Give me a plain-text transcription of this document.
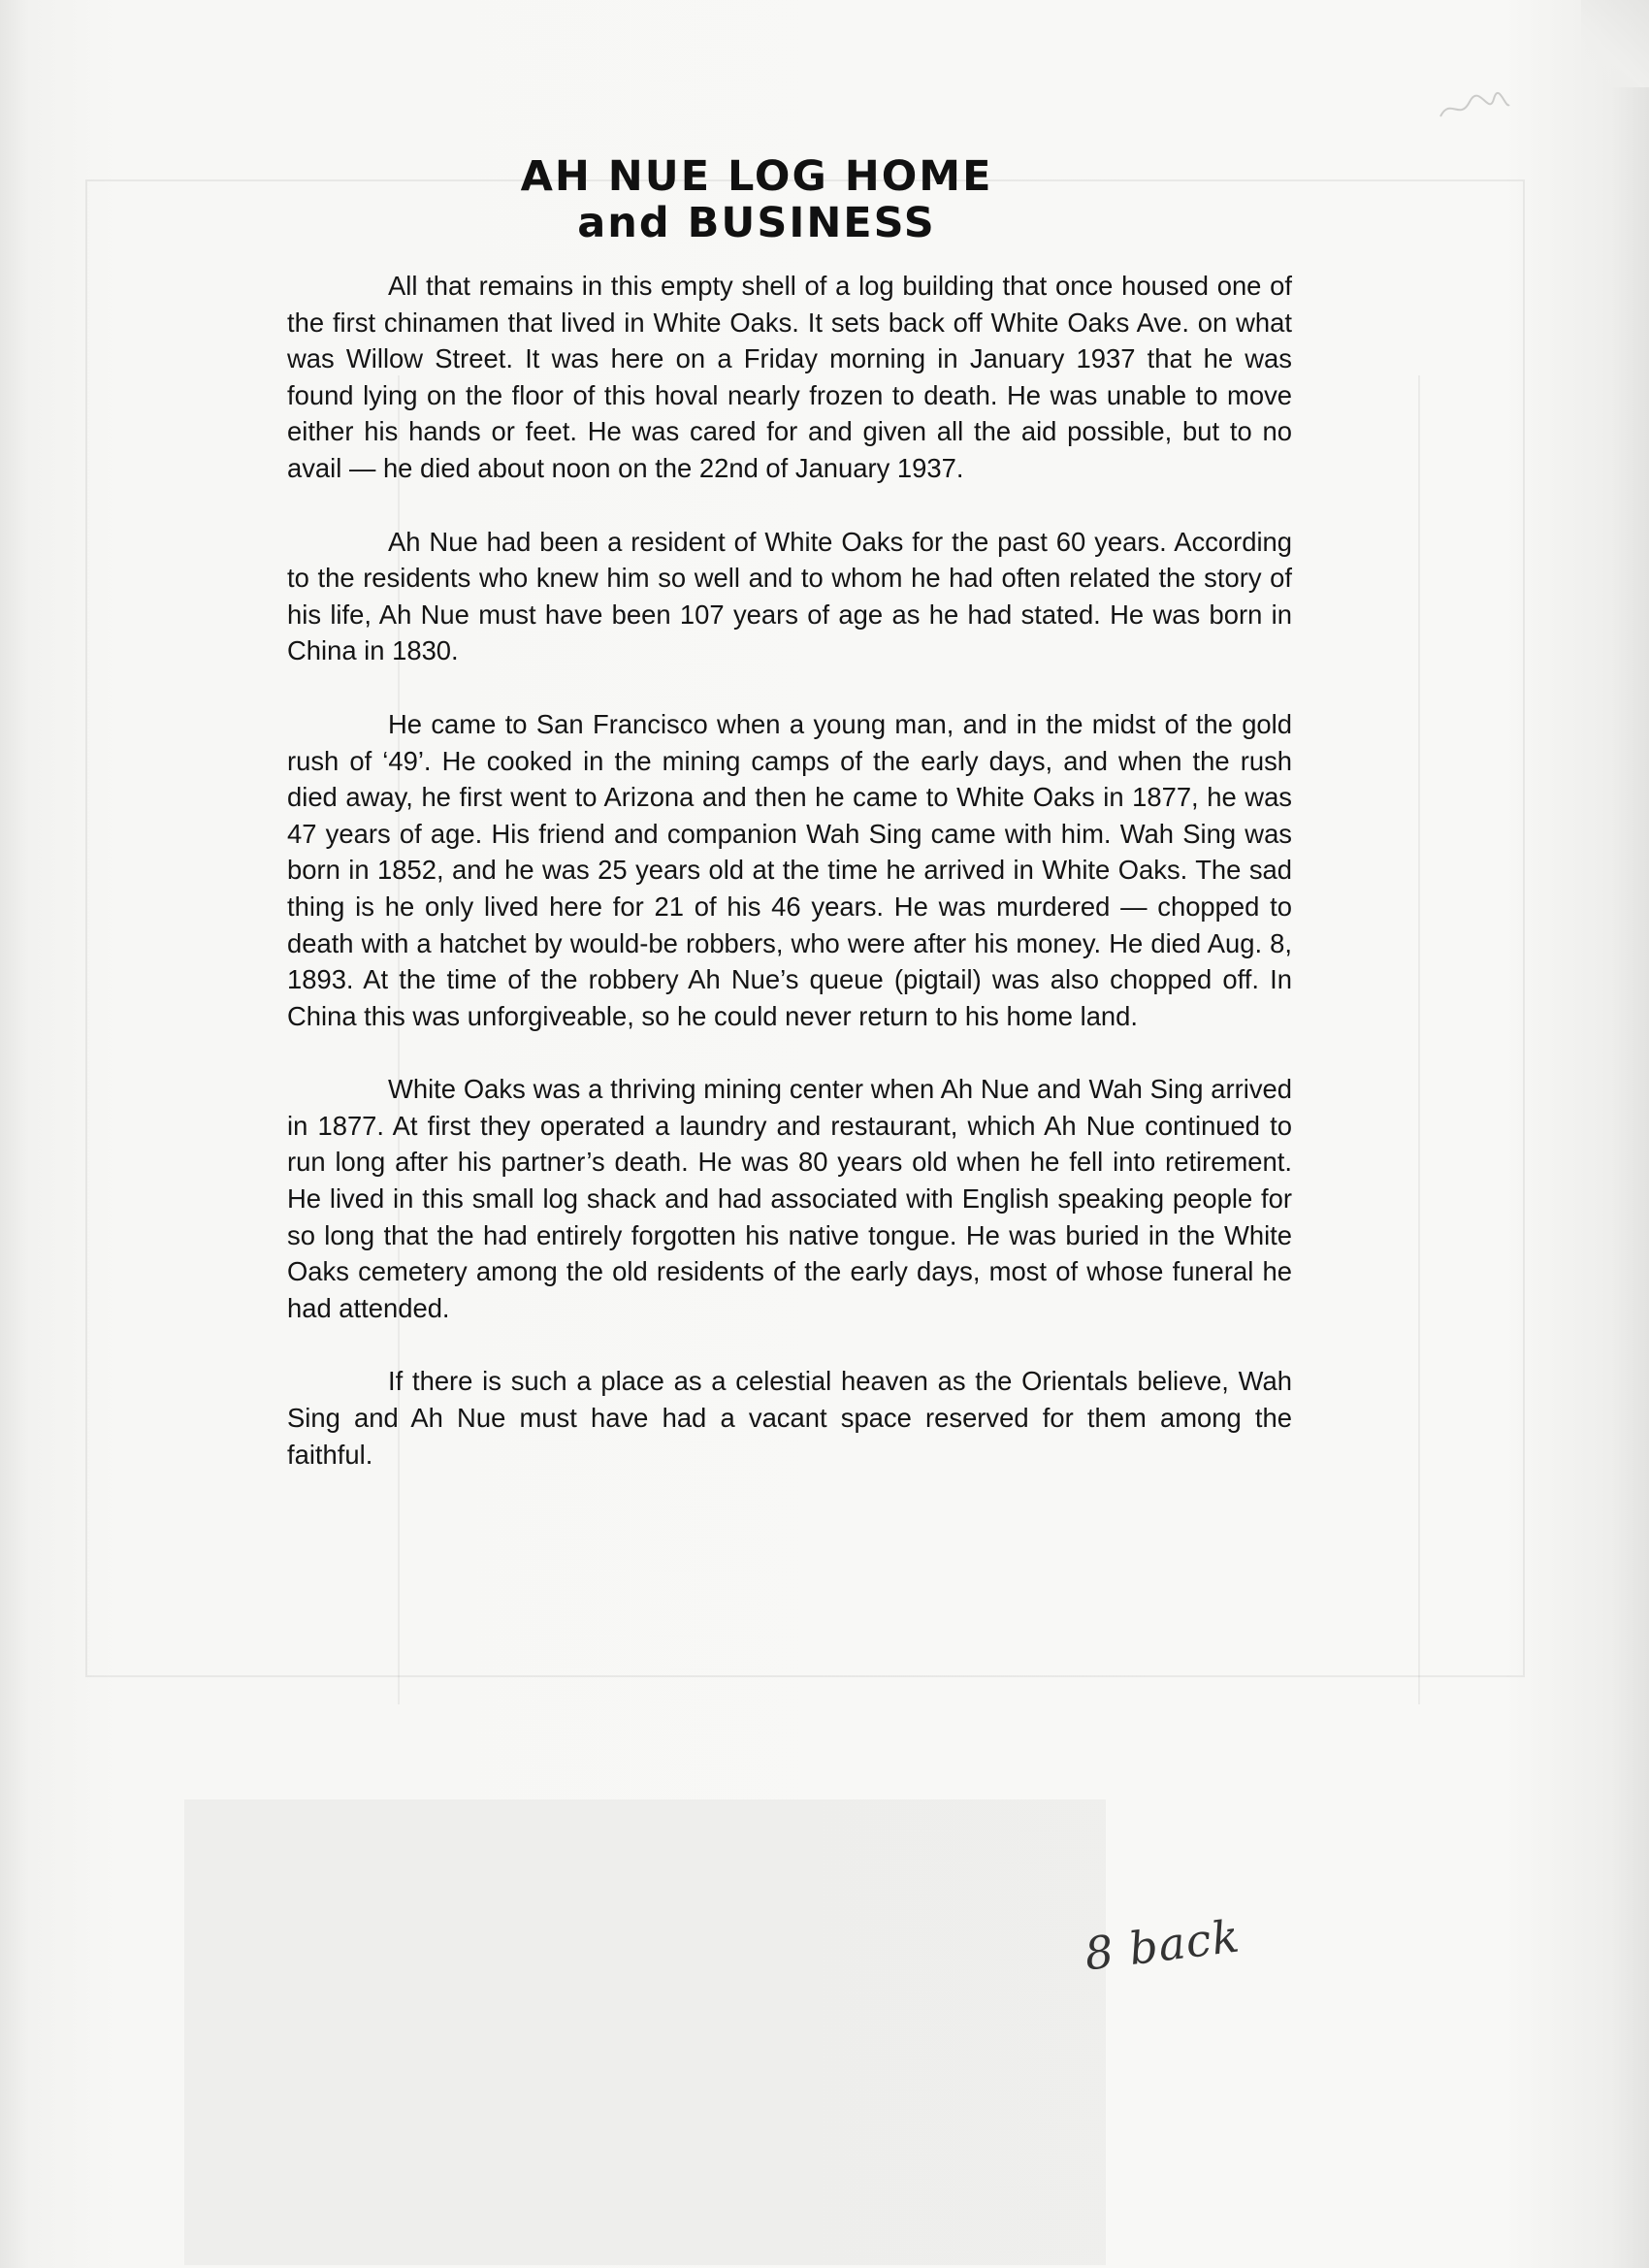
AH NUE LOG HOME
and BUSINESS

All that remains in this empty shell of a log building that once housed one of the first chinamen that lived in White Oaks. It sets back off White Oaks Ave. on what was Willow Street. It was here on a Friday morning in January 1937 that he was found lying on the floor of this hoval nearly frozen to death. He was unable to move either his hands or feet. He was cared for and given all the aid possible, but to no avail — he died about noon on the 22nd of January 1937.

Ah Nue had been a resident of White Oaks for the past 60 years. According to the residents who knew him so well and to whom he had often related the story of his life, Ah Nue must have been 107 years of age as he had stated. He was born in China in 1830.

He came to San Francisco when a young man, and in the midst of the gold rush of ‘49’. He cooked in the mining camps of the early days, and when the rush died away, he first went to Arizona and then he came to White Oaks in 1877, he was 47 years of age. His friend and companion Wah Sing came with him. Wah Sing was born in 1852, and he was 25 years old at the time he arrived in White Oaks. The sad thing is he only lived here for 21 of his 46 years. He was murdered — chopped to death with a hatchet by would-be robbers, who were after his money. He died Aug. 8, 1893. At the time of the robbery Ah Nue’s queue (pigtail) was also chopped off. In China this was unforgiveable, so he could never return to his home land.

White Oaks was a thriving mining center when Ah Nue and Wah Sing arrived in 1877. At first they operated a laundry and restaurant, which Ah Nue continued to run long after his partner’s death. He was 80 years old when he fell into retirement. He lived in this small log shack and had associated with English speaking people for so long that the had entirely forgotten his native tongue. He was buried in the White Oaks cemetery among the old residents of the early days, most of whose funeral he had attended.

If there is such a place as a celestial heaven as the Orientals believe, Wah Sing and Ah Nue must have had a vacant space reserved for them among the faithful.

8 back
